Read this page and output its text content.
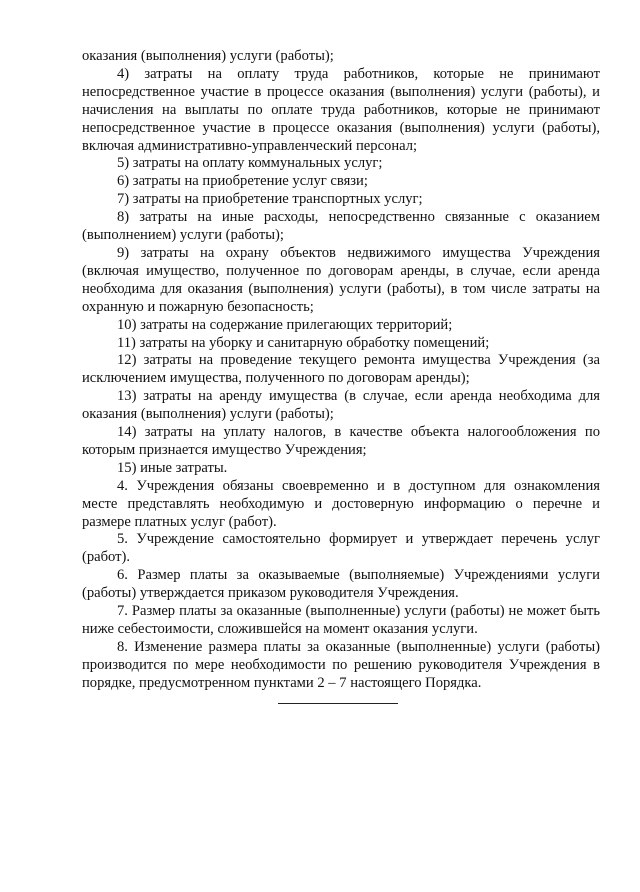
оказания (выполнения) услуги (работы);

4) затраты на оплату труда работников, которые не принимают непосредственное участие в процессе оказания (выполнения) услуги (работы), и начисления на выплаты по оплате труда работников, которые не принимают непосредственное участие в процессе оказания (выполнения) услуги (работы), включая административно-управленческий персонал;

5) затраты на оплату коммунальных услуг;

6) затраты на приобретение услуг связи;

7) затраты на приобретение транспортных услуг;

8) затраты на иные расходы, непосредственно связанные с оказанием (выполнением) услуги (работы);

9) затраты на охрану объектов недвижимого имущества Учреждения (включая имущество, полученное по договорам аренды, в случае, если аренда необходима для оказания (выполнения) услуги (работы), в том числе затраты на охранную и пожарную безопасность;

10) затраты на содержание прилегающих территорий;

11) затраты на уборку и санитарную обработку помещений;

12) затраты на проведение текущего ремонта имущества Учреждения (за исключением имущества, полученного по договорам аренды);

13) затраты на аренду имущества (в случае, если аренда необходима для оказания (выполнения) услуги (работы);

14) затраты на уплату налогов, в качестве объекта налогообложения по которым признается имущество Учреждения;

15) иные затраты.

4. Учреждения обязаны своевременно и в доступном для ознакомления месте представлять необходимую и достоверную информацию о перечне и размере платных услуг (работ).

5. Учреждение самостоятельно формирует и утверждает перечень услуг (работ).

6. Размер платы за оказываемые (выполняемые) Учреждениями услуги (работы) утверждается приказом руководителя Учреждения.

7. Размер платы за оказанные (выполненные) услуги (работы) не может быть ниже себестоимости, сложившейся на момент оказания услуги.

8. Изменение размера платы за оказанные (выполненные) услуги (работы) производится по мере необходимости по решению руководителя Учреждения в порядке, предусмотренном пунктами 2 – 7 настоящего Порядка.
